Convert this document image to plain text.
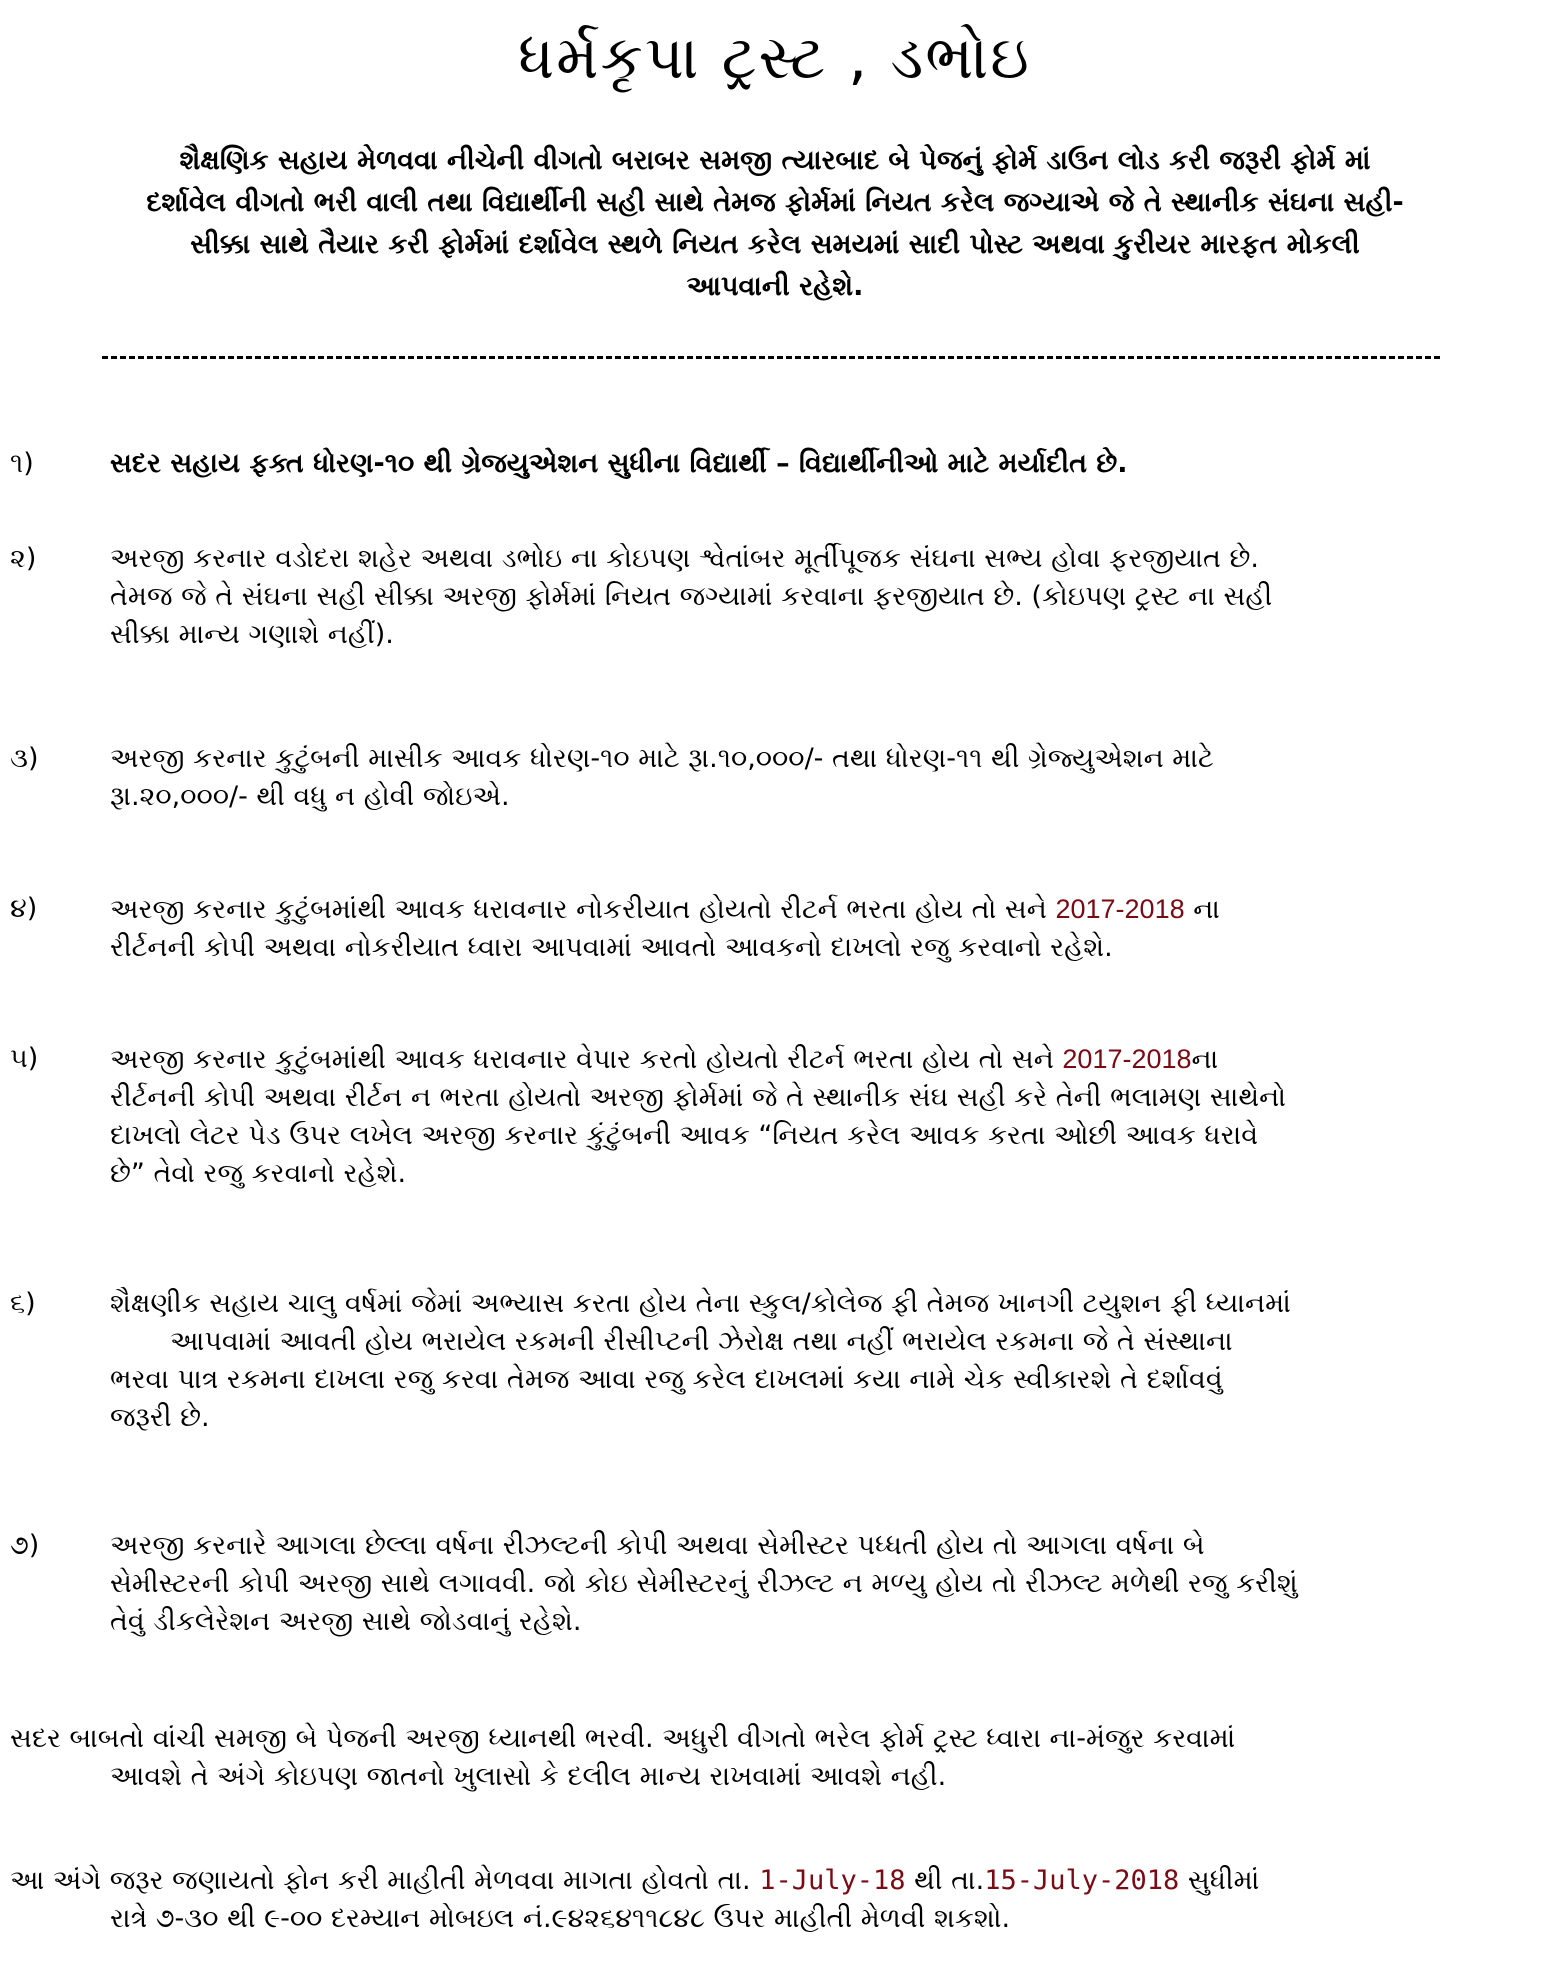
ધર્મકૃપા ટ્રસ્ટ , ડભોઇ
શૈક્ષણિક સહાય મેળવવા નીચેની વીગતો બરાબર સમજી ત્યારબાદ બે પેજનું ફોર્મ ડાઉન લોડ કરી જરૂરી ફોર્મ માં
દર્શાવેલ વીગતો ભરી વાલી તથા વિદ્યાર્થીની સહી સાથે તેમજ ફોર્મમાં નિયત કરેલ જગ્યાએ જે તે સ્થાનીક સંઘના સહી-
સીક્કા સાથે તૈયાર કરી ફોર્મમાં દર્શાવેલ સ્થળે નિયત કરેલ સમયમાં સાદી પોસ્ટ અથવા કુરીયર મારફત મોકલી
આપવાની રહેશે.
૧)	સદર સહાય ફક્ત ધોરણ-૧૦ થી ગ્રેજયુએશન સુધીના વિદ્યાર્થી – વિદ્યાર્થીનીઓ માટે મર્યાદીત છે.
૨)	અરજી કરનાર વડોદરા શહેર અથવા ડભોઇ ના કોઇપણ શ્વેતાંબર મૂર્તીપૂજક સંઘના સભ્ય હોવા ફરજીયાત છે.
તેમજ જે તે સંઘના સહી સીક્કા અરજી ફોર્મમાં નિયત જગ્યામાં કરવાના ફરજીયાત છે. (કોઇપણ ટ્રસ્ટ ના સહી
સીક્કા માન્ય ગણાશે નહીં).
૩)	અરજી કરનાર કુટુંબની માસીક આવક ધોરણ-૧૦ માટે રૂા.૧૦,૦૦૦/- તથા ધોરણ-૧૧ થી ગ્રેજ્યુએશન માટે
રૂા.૨૦,૦૦૦/- થી વધુ ન હોવી જોઇએ.
૪)	અરજી કરનાર કુટુંબમાંથી આવક ધરાવનાર નોકરીયાત હોયતો રીટર્ન ભરતા હોય તો સને 2017-2018 ના
રીર્ટનની કોપી અથવા નોકરીયાત ધ્વારા આપવામાં આવતો આવકનો દાખલો રજુ કરવાનો રહેશે.
૫)	અરજી કરનાર કુટુંબમાંથી આવક ધરાવનાર વેપાર કરતો હોયતો રીટર્ન ભરતા હોય તો સને 2017-2018ના
રીર્ટનની કોપી અથવા રીર્ટન ન ભરતા હોયતો અરજી ફોર્મમાં જે તે સ્થાનીક સંઘ સહી કરે તેની ભલામણ સાથેનો
દાખલો લેટર પેડ ઉપર લખેલ અરજી કરનાર કુંટુંબની આવક “નિયત કરેલ આવક કરતા ઓછી આવક ધરાવે
છે” તેવો રજુ કરવાનો રહેશે.
૬)	શૈક્ષણીક સહાય ચાલુ વર્ષમાં જેમાં અભ્યાસ કરતા હોય તેના સ્કુલ/કોલેજ ફી તેમજ ખાનગી ટયુશન ફી ધ્યાનમાં
આપવામાં આવતી હોય ભરાયેલ રકમની રીસીપ્ટની ઝેરોક્ષ તથા નહીં ભરાયેલ રકમના જે તે સંસ્થાના
ભરવા પાત્ર રકમના દાખલા રજુ કરવા તેમજ આવા રજુ કરેલ દાખલમાં કયા નામે ચેક સ્વીકારશે તે દર્શાવવું
જરૂરી છે.
૭)	અરજી કરનારે આગલા છેલ્લા વર્ષના રીઝલ્ટની કોપી અથવા સેમીસ્ટર પધ્ધતી હોય તો આગલા વર્ષના બે
સેમીસ્ટરની કોપી અરજી સાથે લગાવવી. જો કોઇ સેમીસ્ટરનું રીઝલ્ટ ન મળ્યુ હોય તો રીઝલ્ટ મળેથી રજુ કરીશું
તેવું ડીકલેરેશન અરજી સાથે જોડવાનું રહેશે.
સદર બાબતો વાંચી સમજી બે પેજની અરજી ધ્યાનથી ભરવી. અધુરી વીગતો ભરેલ ફોર્મ ટ્રસ્ટ ધ્વારા ના-મંજુર કરવામાં
આવશે તે અંગે કોઇપણ જાતનો ખુલાસો કે દલીલ માન્ય રાખવામાં આવશે નહી.
આ અંગે જરૂર જણાયતો ફોન કરી માહીતી મેળવવા માગતા હોવતો તા. 1-July-18 થી તા.15-July-2018 સુધીમાં
રાત્રે ૭-૩૦ થી ૯-૦૦ દરમ્યાન મોબઇલ નં.૯૪૨૬૪૧૧૮૪૮ ઉપર માહીતી મેળવી શકશો.
